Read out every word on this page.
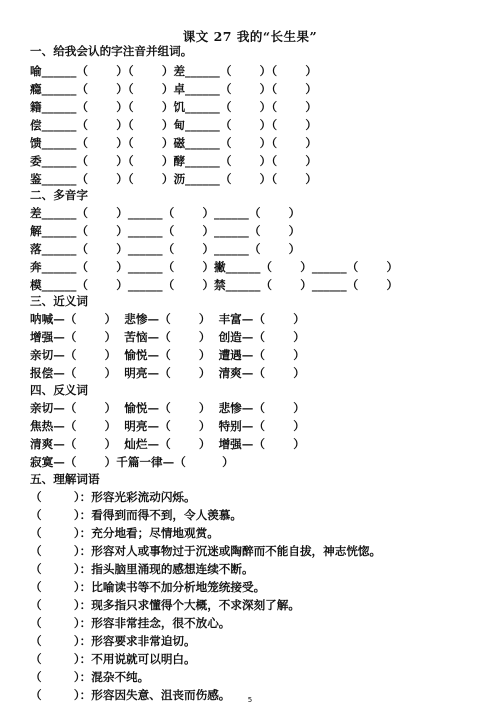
课文 27 我的“长生果”
一、给我会认的字注音并组词。
喻______（       ）（       ）差______（       ）（       ）
瘾______（       ）（       ）卓______（       ）（       ）
籍______（       ）（       ）饥______（       ）（       ）
偿______（       ）（       ）甸______（       ）（       ）
馈______（       ）（       ）磁______（       ）（       ）
委______（       ）（       ）酵______（       ）（       ）
鉴______（       ）（       ）沥______（       ）（       ）
二、多音字
差______（       ）______（       ）______（       ）
解______（       ）______（       ）______（       ）
落______（       ）______（       ）______（       ）
奔______（       ）______（       ）撇______（       ）______（       ）
模______（       ）______（       ）禁______（       ）______（       ）
三、近义词
呐喊—（       ）  悲惨—（       ）  丰富—（       ）
增强—（       ）  苦恼—（       ）  创造—（       ）
亲切—（       ）  愉悦—（       ）  遭遇—（       ）
报偿—（       ）  明亮—（       ）  清爽—（       ）
四、反义词
亲切—（       ）  愉悦—（       ）  悲惨—（       ）
焦热—（       ）  明亮—（       ）  特别—（       ）
清爽—（       ）  灿烂—（       ）  增强—（       ）
寂寞—（       ）千篇一律—（         ）
五、理解词语
（        ）：形容光彩流动闪烁。
（        ）：看得到而得不到，令人羡慕。
（        ）：充分地看；尽情地观赏。
（        ）：形容对人或事物过于沉迷或陶醉而不能自拔，神志恍惚。
（        ）：指头脑里涌现的感想连续不断。
（        ）：比喻读书等不加分析地笼统接受。
（        ）：现多指只求懂得个大概，不求深刻了解。
（        ）：形容非常挂念，很不放心。
（        ）：形容要求非常迫切。
（        ）：不用说就可以明白。
（        ）：混杂不纯。
（        ）：形容因失意、沮丧而伤感。	5
